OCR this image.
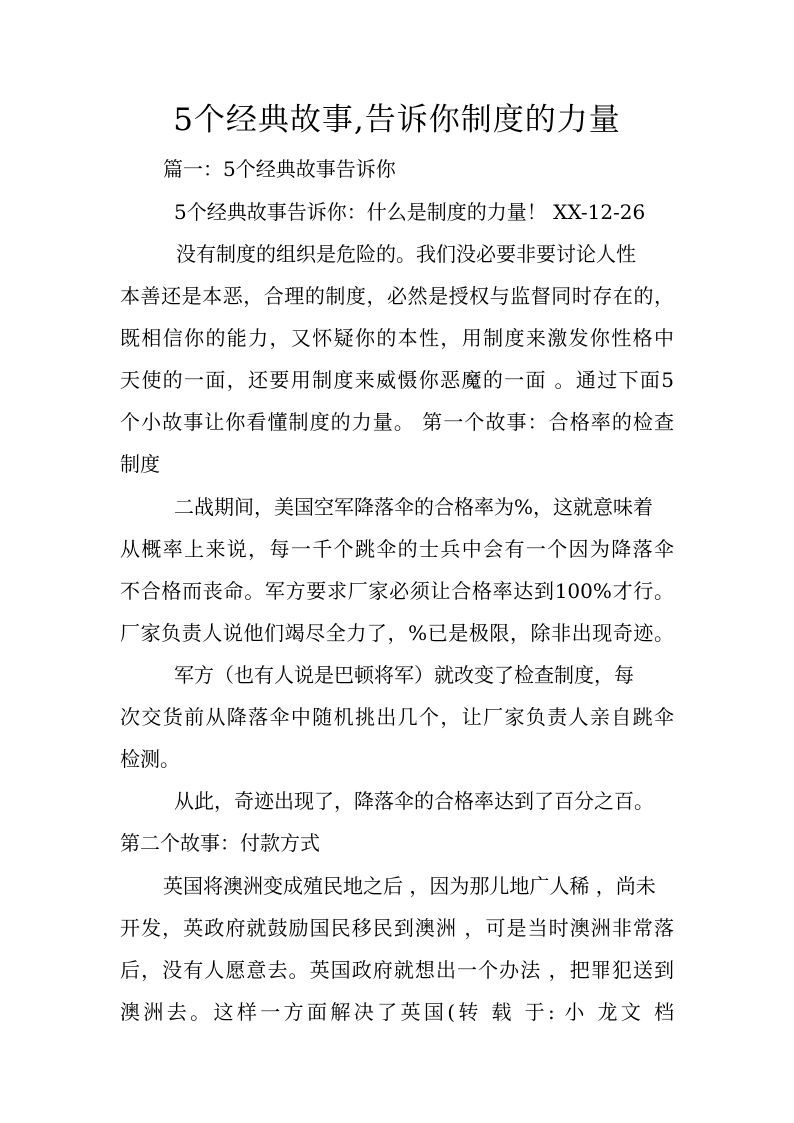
5个经典故事,告诉你制度的力量

篇一：5个经典故事告诉你

5个经典故事告诉你：什么是制度的力量！ XX-12-26

没有制度的组织是危险的。我们没必要非要讨论人性

本善还是本恶，合理的制度，必然是授权与监督同时存在的，

既相信你的能力，又怀疑你的本性，用制度来激发你性格中

天使的一面，还要用制度来威慑你恶魔的一面 。通过下面5

个小故事让你看懂制度的力量。 第一个故事：合格率的检查

制度

二战期间，美国空军降落伞的合格率为%，这就意味着

从概率上来说，每一千个跳伞的士兵中会有一个因为降落伞

不合格而丧命。军方要求厂家必须让合格率达到100%才行。

厂家负责人说他们竭尽全力了，%已是极限，除非出现奇迹。

军方（也有人说是巴顿将军）就改变了检查制度，每

次交货前从降落伞中随机挑出几个，让厂家负责人亲自跳伞

检测。

从此，奇迹出现了，降落伞的合格率达到了百分之百。

第二个故事：付款方式

英国将澳洲变成殖民地之后 ，因为那儿地广人稀 ，尚未

开发，英政府就鼓励国民移民到澳洲 ，可是当时澳洲非常落

后，没有人愿意去。英国政府就想出一个办法 ，把罪犯送到

澳洲去。这样一方面解决了英国(转 载 于: 小 龙文 档
